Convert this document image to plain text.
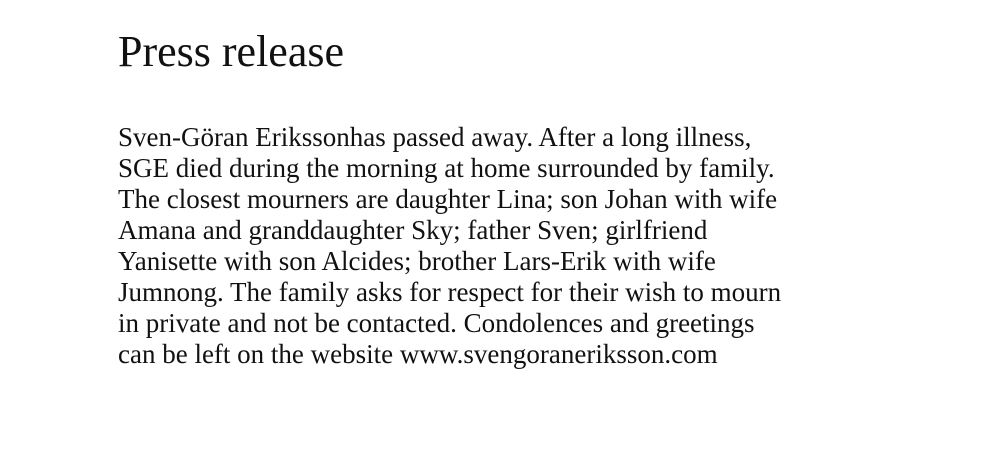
Press release

Sven-Göran Erikssonhas passed away. After a long illness,
SGE died during the morning at home surrounded by family.
The closest mourners are daughter Lina; son Johan with wife
Amana and granddaughter Sky; father Sven; girlfriend
Yanisette with son Alcides; brother Lars-Erik with wife
Jumnong. The family asks for respect for their wish to mourn
in private and not be contacted. Condolences and greetings
can be left on the website www.svengoraneriksson.com
